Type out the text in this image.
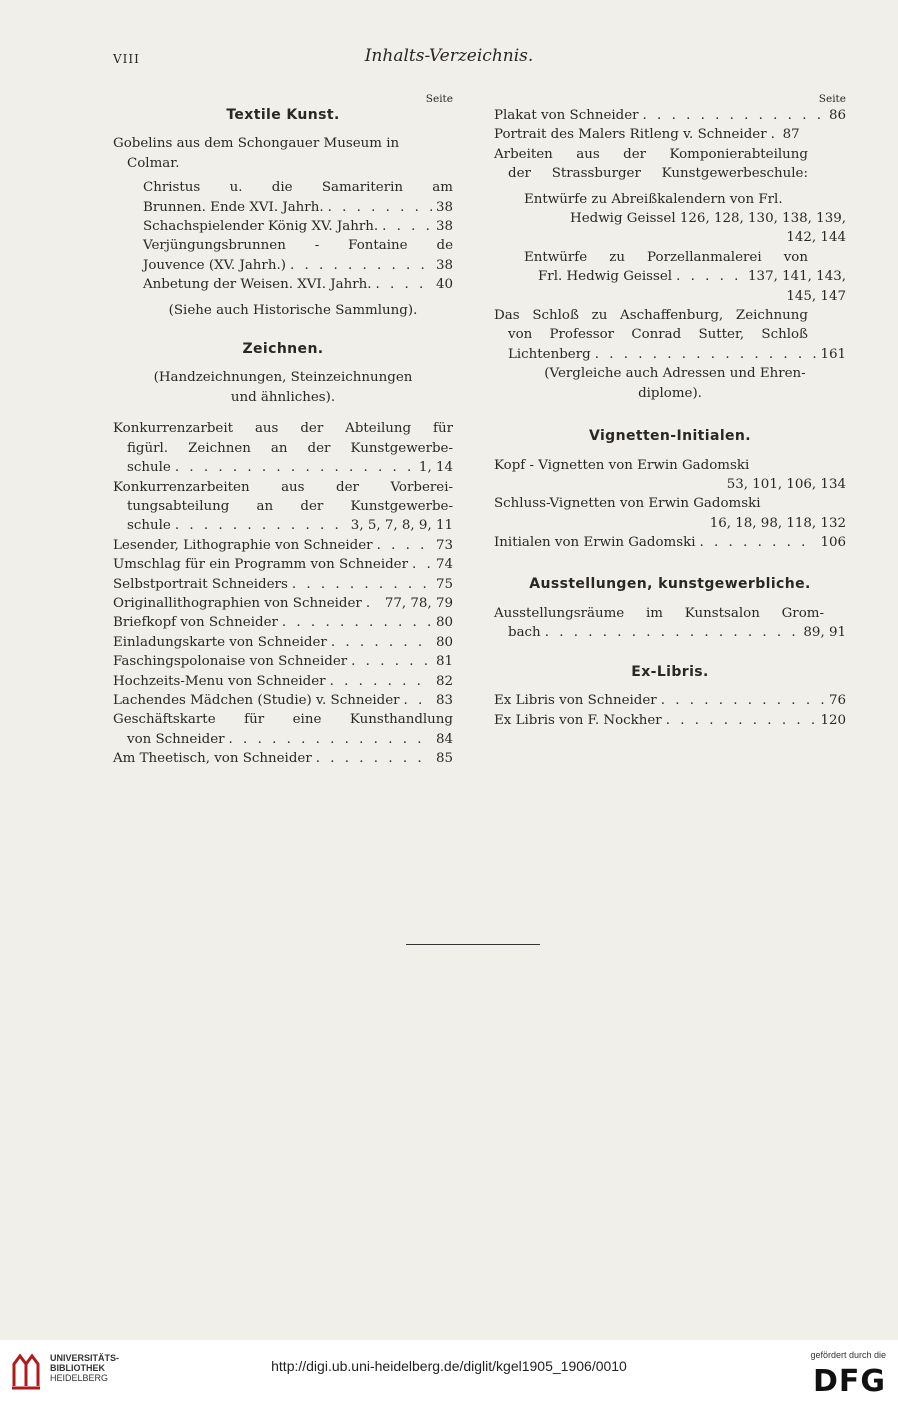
VIII	Inhalts-Verzeichnis.
Seite
Textile Kunst.
Gobelins aus dem Schongauer Museum in
Colmar.
Christus u. die Samariterin am
Brunnen. Ende XVI. Jahrh. . . .	38
Schachspielender König XV. Jahrh. . . .	38
Verjüngungsbrunnen - Fontaine de
Jouvence (XV. Jahrh.) . . .	38
Anbetung der Weisen. XVI. Jahrh. . . .	40
(Siehe auch Historische Sammlung).
Zeichnen.
(Handzeichnungen, Steinzeichnungen
und ähnliches).
Konkurrenzarbeit aus der Abteilung für
figürl. Zeichnen an der Kunstgewerbe-
schule . . .	1, 14
Konkurrenzarbeiten aus der Vorberei-
tungsabteilung an der Kunstgewerbe-
schule . . .	3, 5, 7, 8, 9, 11
Lesender, Lithographie von Schneider . . .	73
Umschlag für ein Programm von Schneider . . . 74
Selbstportrait Schneiders . . .	75
Originallithographien von Schneider . . . 77, 78, 79
Briefkopf von Schneider . . .	80
Einladungskarte von Schneider . . .	80
Faschingspolonaise von Schneider . . .	81
Hochzeits-Menu von Schneider . . .	82
Lachendes Mädchen (Studie) v. Schneider . . .	83
Geschäftskarte für eine Kunsthandlung
von Schneider . . .	84
Am Theetisch, von Schneider . . .	85
Seite
Plakat von Schneider . . .	86
Portrait des Malers Ritleng v. Schneider . . . 87
Arbeiten aus der Komponierabteilung
der Strassburger Kunstgewerbeschule:
Entwürfe zu Abreißkalendern von Frl.
Hedwig Geissel 126, 128, 130, 138, 139,
142, 144
Entwürfe zu Porzellanmalerei von
Frl. Hedwig Geissel . . .	137, 141, 143,
145, 147
Das Schloß zu Aschaffenburg, Zeichnung
von Professor Conrad Sutter, Schloß
Lichtenberg . . .	161
(Vergleiche auch Adressen und Ehren-
diplome).
Vignetten-Initialen.
Kopf - Vignetten von Erwin Gadomski
53, 101, 106, 134
Schluss-Vignetten von Erwin Gadomski
16, 18, 98, 118, 132
Initialen von Erwin Gadomski . . .	106
Ausstellungen, kunstgewerbliche.
Ausstellungsräume im Kunstsalon Grom-
bach . . .	89, 91
Ex-Libris.
Ex Libris von Schneider . . .	76
Ex Libris von F. Nockher . . .	120
UNIVERSITÄTS-
BIBLIOTHEK
HEIDELBERG
http://digi.ub.uni-heidelberg.de/diglit/kgel1905_1906/0010
gefördert durch die
DFG
